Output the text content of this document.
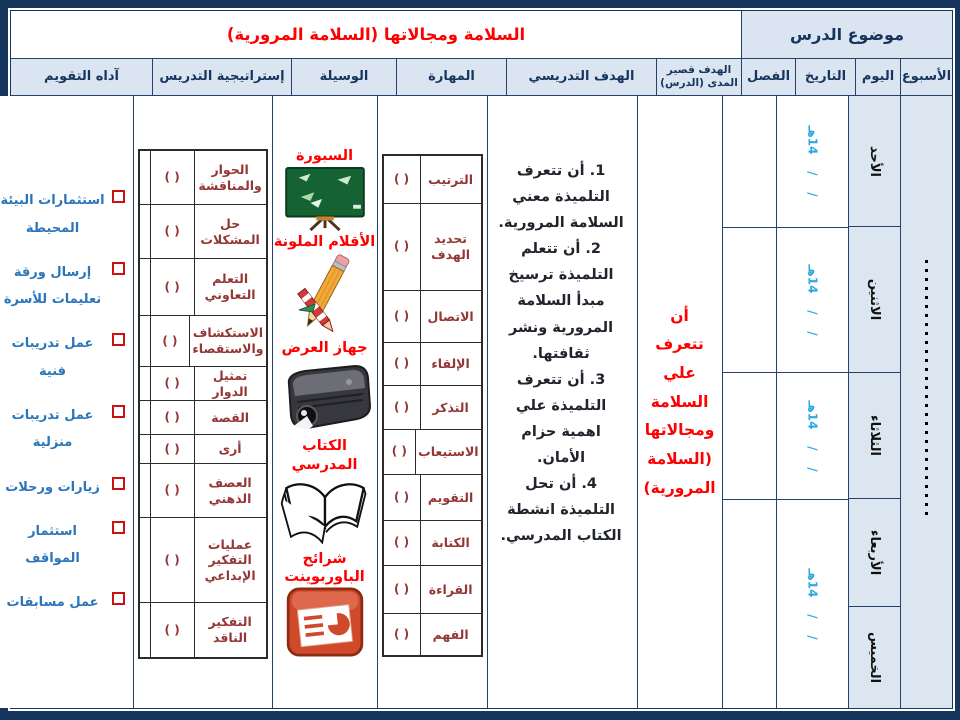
موضوع الدرس
السلامة ومجالاتها (السلامة المرورية)
الأسبوع
اليوم
التاريخ
الفصل
الهدف قصير المدى (الدرس)
الهدف التدريسي
المهارة
الوسيلة
إستراتيجية التدريس
آداه التقويم
الأحد
الاثنين
الثلاثاء
الأربعاء
الخميس
/    /    14هـ
/    /    14هـ
/    /    14هـ
/    /    14هـ
أن تتعرف علي السلامة ومجالاتها (السلامة المرورية)
1. أن تتعرف التلميذة معني السلامة المرورية.
2. أن تتعلم التلميذة ترسيخ مبدأ السلامة المرورية ونشر ثقافتها.
3. أن تتعرف التلميذة علي اهمية حزام الأمان.
4. أن تحل التلميذة انشطة الكتاب المدرسي.
الترتيب
( )
تحديد الهدف
( )
الاتصال
( )
الإلقاء
( )
التذكر
( )
الاستيعاب
( )
التقويم
( )
الكتابة
( )
القراءة
( )
الفهم
( )
السبورة
الأقلام الملونة
جهاز العرض
الكتاب المدرسي
شرائح الباوربوينت
الحوار والمناقشة
( )
حل المشكلات
( )
التعلم التعاوني
( )
الاستكشاف والاستقصاء
( )
تمثيل الدوار
( )
القصة
( )
أرى
( )
العصف الذهني
( )
عمليات التفكير الإبداعي
( )
التفكير الناقد
( )
استثمارات البيئة المحيطة
إرسال ورقة تعليمات للأسرة
عمل تدريبات فنية
عمل تدريبات منزلية
زيارات ورحلات
استثمار المواقف
عمل مسابقات
